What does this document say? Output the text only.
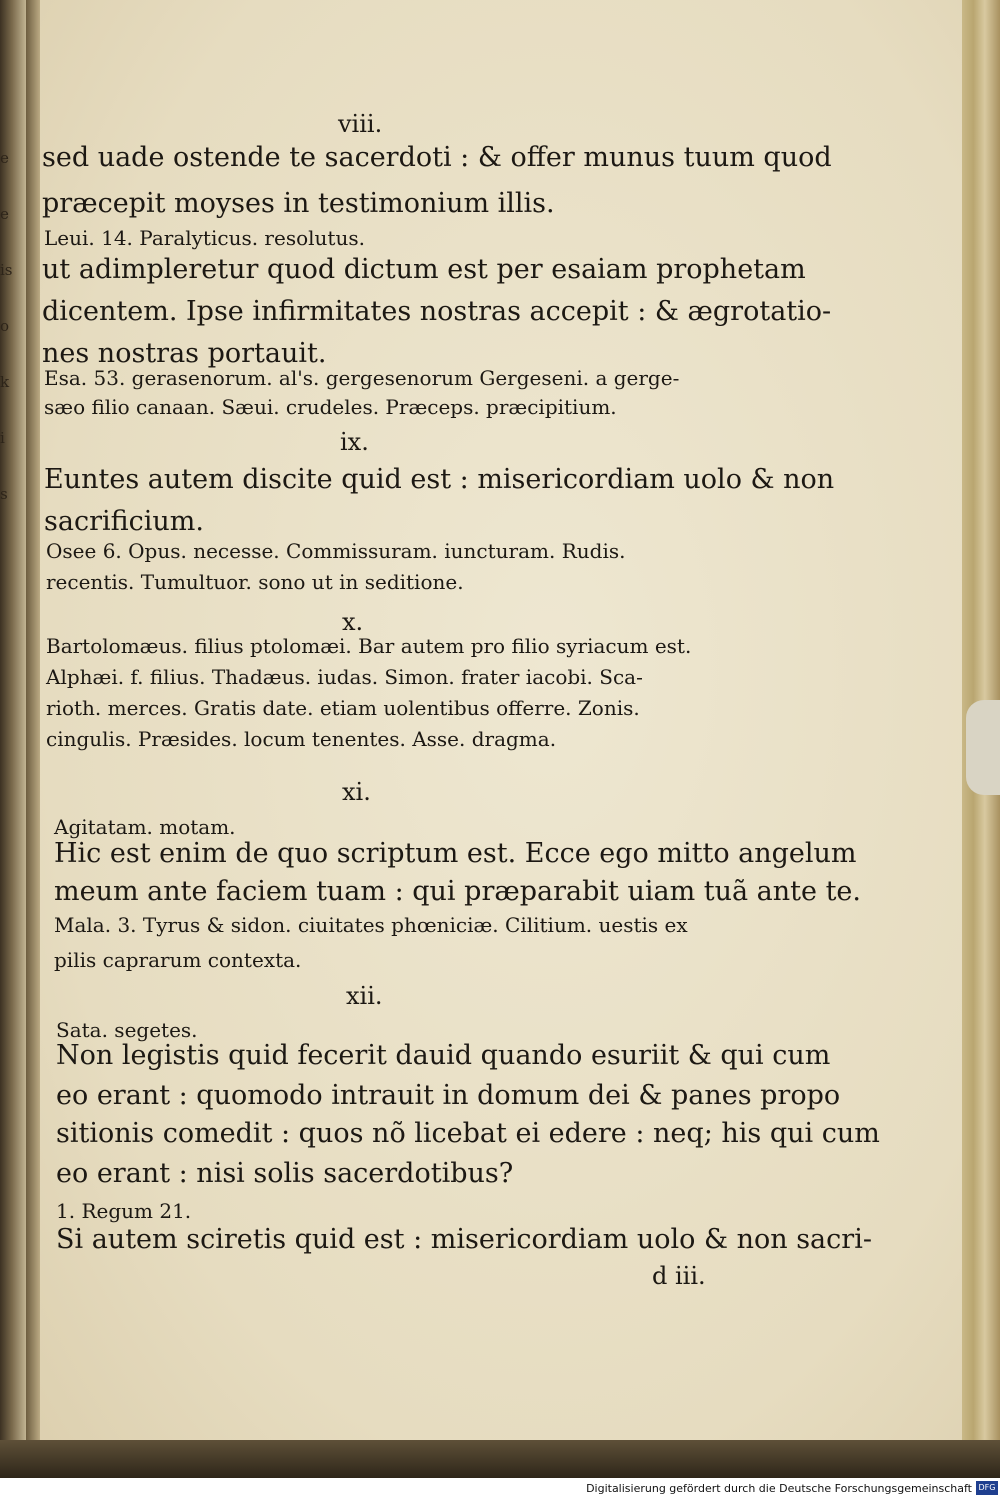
e
e
is
o
k
i
s
viii.
sed uade ostende te sacerdoti : & offer munus tuum quod
præcepit moyses in testimonium illis.
Leui. 14. Paralyticus. resolutus.
ut adimpleretur quod dictum est per esaiam prophetam
dicentem. Ipse infirmitates nostras accepit : & ægrotatio-
nes nostras portauit.
Esa. 53. gerasenorum. al's. gergesenorum Gergeseni. a gerge-
sæo filio canaan. Sæui. crudeles. Præceps. præcipitium.
ix.
Euntes autem discite quid est : misericordiam uolo & non
sacrificium.
Osee 6. Opus. necesse. Commissuram. iuncturam. Rudis.
recentis. Tumultuor. sono ut in seditione.
x.
Bartolomæus. filius ptolomæi. Bar autem pro filio syriacum est.
Alphæi. f. filius. Thadæus. iudas. Simon. frater iacobi. Sca-
rioth. merces. Gratis date. etiam uolentibus offerre. Zonis.
cingulis. Præsides. locum tenentes. Asse. dragma.
xi.
Agitatam. motam.
Hic est enim de quo scriptum est. Ecce ego mitto angelum
meum ante faciem tuam : qui præparabit uiam tuã ante te.
Mala. 3. Tyrus & sidon. ciuitates phœniciæ. Cilitium. uestis ex
pilis caprarum contexta.
xii.
Sata. segetes.
Non legistis quid fecerit dauid quando esuriit & qui cum
eo erant : quomodo intrauit in domum dei & panes propo
sitionis comedit : quos nõ licebat ei edere : neq; his qui cum
eo erant : nisi solis sacerdotibus?
1. Regum 21.
Si autem sciretis quid est : misericordiam uolo & non sacri-
d iii.
Digitalisierung gefördert durch die Deutsche Forschungsgemeinschaft DFG
